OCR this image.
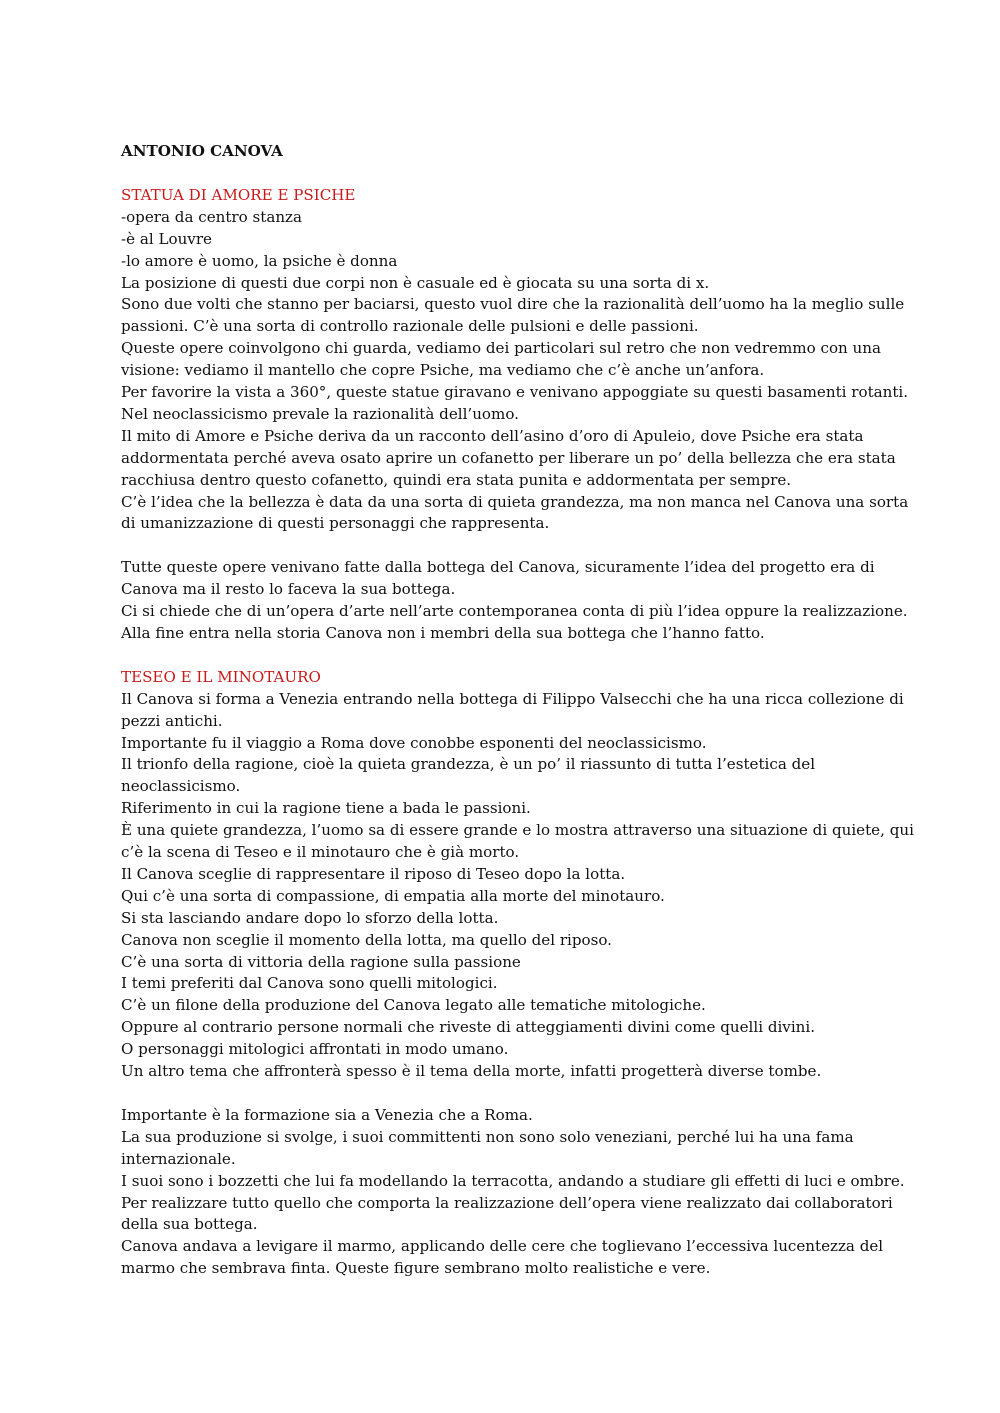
ANTONIO CANOVA

STATUA DI AMORE E PSICHE

-opera da centro stanza

-è al Louvre

-lo amore è uomo, la psiche è donna

La posizione di questi due corpi non è casuale ed è giocata su una sorta di x.

Sono due volti che stanno per baciarsi, questo vuol dire che la razionalità dell’uomo ha la meglio sulle

passioni. C’è una sorta di controllo razionale delle pulsioni e delle passioni.

Queste opere coinvolgono chi guarda, vediamo dei particolari sul retro che non vedremmo con una

visione: vediamo il mantello che copre Psiche, ma vediamo che c’è anche un’anfora.

Per favorire la vista a 360°, queste statue giravano e venivano appoggiate su questi basamenti rotanti.

Nel neoclassicismo prevale la razionalità dell’uomo.

Il mito di Amore e Psiche deriva da un racconto dell’asino d’oro di Apuleio, dove Psiche era stata

addormentata perché aveva osato aprire un cofanetto per liberare un po’ della bellezza che era stata

racchiusa dentro questo cofanetto, quindi era stata punita e addormentata per sempre.

C’è l’idea che la bellezza è data da una sorta di quieta grandezza, ma non manca nel Canova una sorta

di umanizzazione di questi personaggi che rappresenta.

Tutte queste opere venivano fatte dalla bottega del Canova, sicuramente l’idea del progetto era di

Canova ma il resto lo faceva la sua bottega.

Ci si chiede che di un’opera d’arte nell’arte contemporanea conta di più l’idea oppure la realizzazione.

Alla fine entra nella storia Canova non i membri della sua bottega che l’hanno fatto.

TESEO E IL MINOTAURO

Il Canova si forma a Venezia entrando nella bottega di Filippo Valsecchi che ha una ricca collezione di

pezzi antichi.

Importante fu il viaggio a Roma dove conobbe esponenti del neoclassicismo.

Il trionfo della ragione, cioè la quieta grandezza, è un po’ il riassunto di tutta l’estetica del

neoclassicismo.

Riferimento in cui la ragione tiene a bada le passioni.

È una quiete grandezza, l’uomo sa di essere grande e lo mostra attraverso una situazione di quiete, qui

c’è la scena di Teseo e il minotauro che è già morto.

Il Canova sceglie di rappresentare il riposo di Teseo dopo la lotta.

Qui c’è una sorta di compassione, di empatia alla morte del minotauro.

Si sta lasciando andare dopo lo sforzo della lotta.

Canova non sceglie il momento della lotta, ma quello del riposo.

C’è una sorta di vittoria della ragione sulla passione

I temi preferiti dal Canova sono quelli mitologici.

C’è un filone della produzione del Canova legato alle tematiche mitologiche.

Oppure al contrario persone normali che riveste di atteggiamenti divini come quelli divini.

O personaggi mitologici affrontati in modo umano.

Un altro tema che affronterà spesso è il tema della morte, infatti progetterà diverse tombe.

Importante è la formazione sia a Venezia che a Roma.

La sua produzione si svolge, i suoi committenti non sono solo veneziani, perché lui ha una fama

internazionale.

I suoi sono i bozzetti che lui fa modellando la terracotta, andando a studiare gli effetti di luci e ombre.

Per realizzare tutto quello che comporta la realizzazione dell’opera viene realizzato dai collaboratori

della sua bottega.

Canova andava a levigare il marmo, applicando delle cere che toglievano l’eccessiva lucentezza del

marmo che sembrava finta. Queste figure sembrano molto realistiche e vere.
